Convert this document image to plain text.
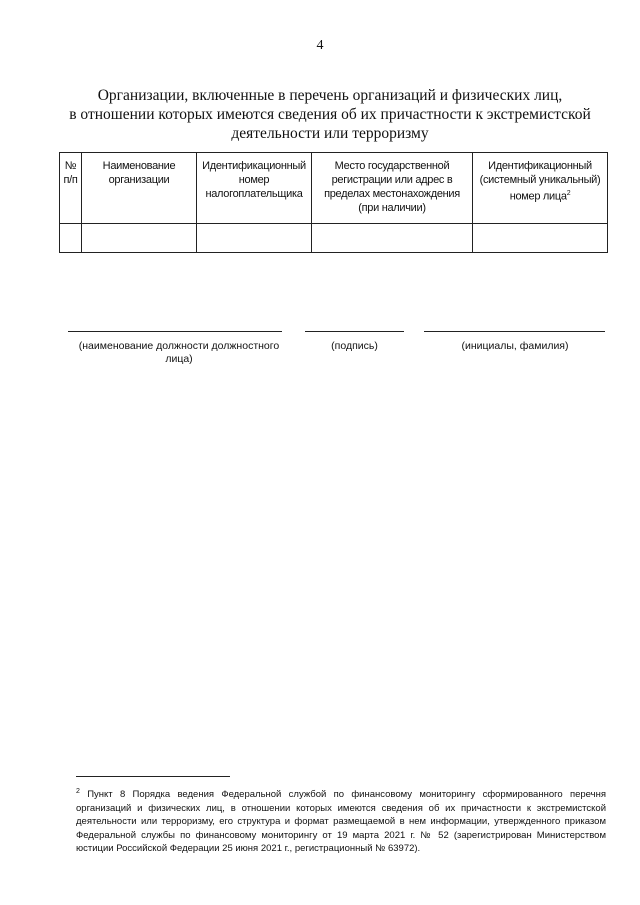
4
Организации, включенные в перечень организаций и физических лиц,
в отношении которых имеются сведения об их причастности к экстремистской
деятельности или терроризму
№ п/п	Наименование организации	Идентификационный номер налогоплательщика	Место государственной регистрации или адрес в пределах местонахождения (при наличии)	Идентификационный (системный уникальный) номер лица$^2$

(наименование должности должностного лица)
(подпись)	(инициалы, фамилия)
$^2$ Пункт 8 Порядка ведения Федеральной службой по финансовому мониторингу сформированного перечня организаций и физических лиц, в отношении которых имеются сведения об их причастности к экстремистской деятельности или терроризму, его структура и формат размещаемой в нем информации, утвержденного приказом Федеральной службы по финансовому мониторингу от 19 марта 2021 г. № 52 (зарегистрирован Министерством юстиции Российской Федерации 25 июня 2021 г., регистрационный № 63972).
